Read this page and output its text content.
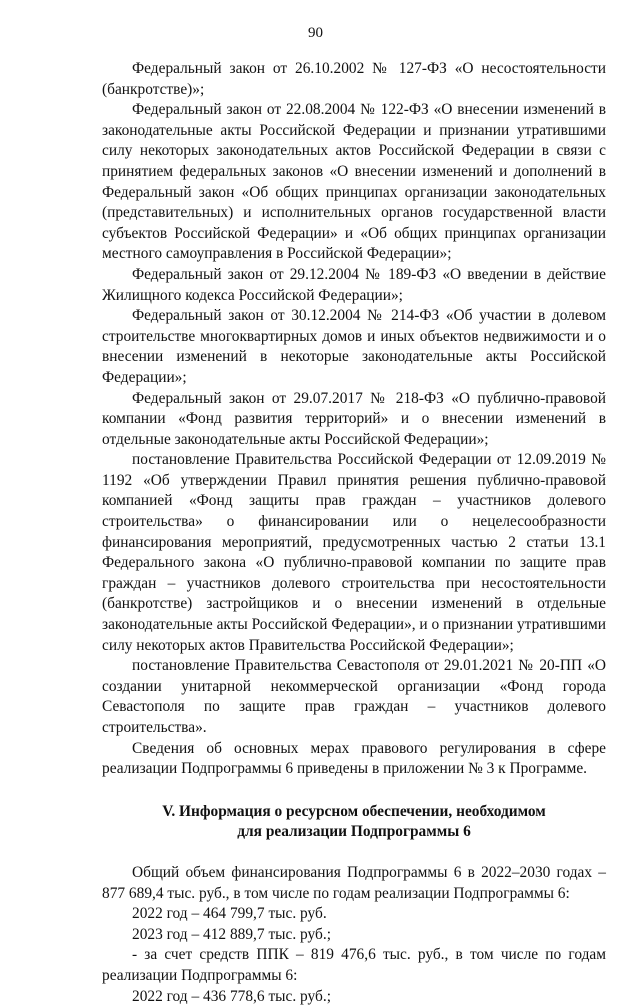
90

Федеральный закон от 26.10.2002 № 127-ФЗ «О несостоятельности (банкротстве)»;

Федеральный закон от 22.08.2004 № 122-ФЗ «О внесении изменений в законодательные акты Российской Федерации и признании утратившими силу некоторых законодательных актов Российской Федерации в связи с принятием федеральных законов «О внесении изменений и дополнений в Федеральный закон «Об общих принципах организации законодательных (представительных) и исполнительных органов государственной власти субъектов Российской Федерации» и «Об общих принципах организации местного самоуправления в Российской Федерации»;

Федеральный закон от 29.12.2004 № 189-ФЗ «О введении в действие Жилищного кодекса Российской Федерации»;

Федеральный закон от 30.12.2004 № 214-ФЗ «Об участии в долевом строительстве многоквартирных домов и иных объектов недвижимости и о внесении изменений в некоторые законодательные акты Российской Федерации»;

Федеральный закон от 29.07.2017 № 218-ФЗ «О публично-правовой компании «Фонд развития территорий» и о внесении изменений в отдельные законодательные акты Российской Федерации»;

постановление Правительства Российской Федерации от 12.09.2019 № 1192 «Об утверждении Правил принятия решения публично-правовой компанией «Фонд защиты прав граждан – участников долевого строительства» о финансировании или о нецелесообразности финансирования мероприятий, предусмотренных частью 2 статьи 13.1 Федерального закона «О публично-правовой компании по защите прав граждан – участников долевого строительства при несостоятельности (банкротстве) застройщиков и о внесении изменений в отдельные законодательные акты Российской Федерации», и о признании утратившими силу некоторых актов Правительства Российской Федерации»;

постановление Правительства Севастополя от 29.01.2021 № 20-ПП «О создании унитарной некоммерческой организации «Фонд города Севастополя по защите прав граждан – участников долевого строительства».

Сведения об основных мерах правового регулирования в сфере реализации Подпрограммы 6 приведены в приложении № 3 к Программе.

V. Информация о ресурсном обеспечении, необходимом
для реализации Подпрограммы 6

Общий объем финансирования Подпрограммы 6 в 2022–2030 годах – 877 689,4 тыс. руб., в том числе по годам реализации Подпрограммы 6:

2022 год – 464 799,7 тыс. руб.

2023 год – 412 889,7 тыс. руб.;

- за счет средств ППК – 819 476,6 тыс. руб., в том числе по годам реализации Подпрограммы 6:

2022 год – 436 778,6 тыс. руб.;
